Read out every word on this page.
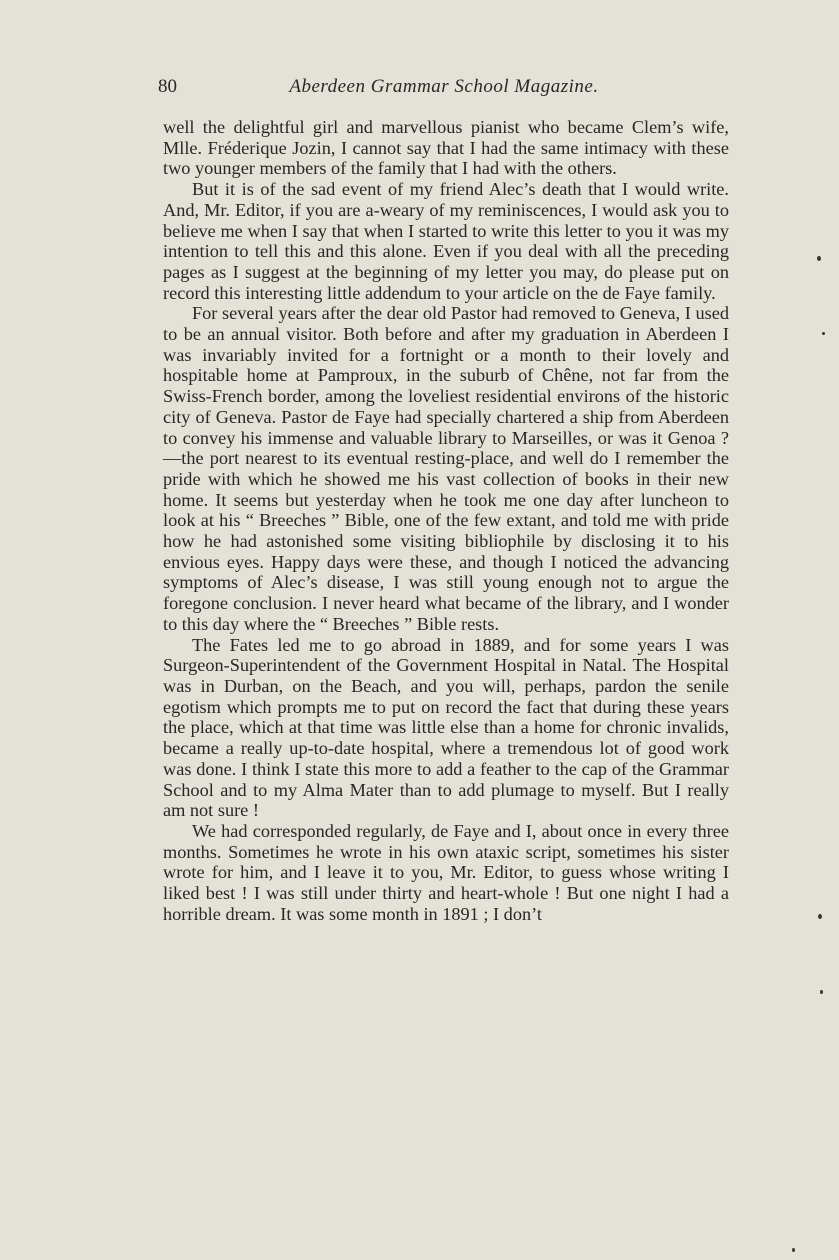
80	Aberdeen Grammar School Magazine.

well the delightful girl and marvellous pianist who became Clem’s wife, Mlle. Fréderique Jozin, I cannot say that I had the same intimacy with these two younger members of the family that I had with the others.

But it is of the sad event of my friend Alec’s death that I would write. And, Mr. Editor, if you are a-weary of my reminiscences, I would ask you to believe me when I say that when I started to write this letter to you it was my intention to tell this and this alone. Even if you deal with all the preceding pages as I suggest at the beginning of my letter you may, do please put on record this interesting little addendum to your article on the de Faye family.

For several years after the dear old Pastor had removed to Geneva, I used to be an annual visitor. Both before and after my graduation in Aberdeen I was invariably invited for a fortnight or a month to their lovely and hospitable home at Pamproux, in the suburb of Chêne, not far from the Swiss-French border, among the loveliest residential environs of the historic city of Geneva. Pastor de Faye had specially chartered a ship from Aberdeen to convey his immense and valuable library to Marseilles, or was it Genoa ?—the port nearest to its eventual resting-place, and well do I remember the pride with which he showed me his vast collection of books in their new home. It seems but yesterday when he took me one day after luncheon to look at his “ Breeches ” Bible, one of the few extant, and told me with pride how he had astonished some visiting bibliophile by disclosing it to his envious eyes. Happy days were these, and though I noticed the advancing symptoms of Alec’s disease, I was still young enough not to argue the foregone conclusion. I never heard what became of the library, and I wonder to this day where the “ Breeches ” Bible rests.

The Fates led me to go abroad in 1889, and for some years I was Surgeon-Superintendent of the Government Hospital in Natal. The Hospital was in Durban, on the Beach, and you will, perhaps, pardon the senile egotism which prompts me to put on record the fact that during these years the place, which at that time was little else than a home for chronic invalids, became a really up-to-date hospital, where a tremendous lot of good work was done. I think I state this more to add a feather to the cap of the Grammar School and to my Alma Mater than to add plumage to myself. But I really am not sure !

We had corresponded regularly, de Faye and I, about once in every three months. Sometimes he wrote in his own ataxic script, sometimes his sister wrote for him, and I leave it to you, Mr. Editor, to guess whose writing I liked best ! I was still under thirty and heart-whole ! But one night I had a horrible dream. It was some month in 1891 ; I don’t
